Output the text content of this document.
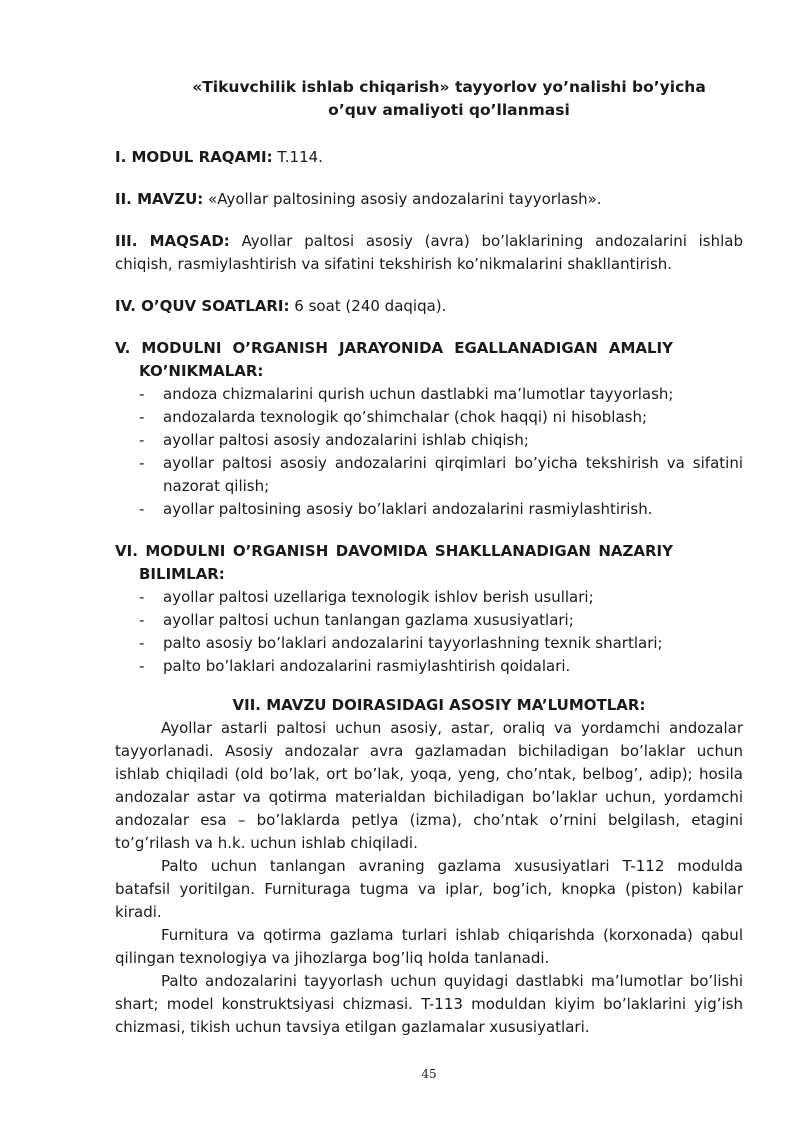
«Tikuvchilik ishlab chiqarish» tayyorlov yo’nalishi bo’yicha
o’quv amaliyoti qo’llanmasi

I. MODUL RAQAMI: T.114.

II. MAVZU: «Ayollar paltosining asosiy andozalarini tayyorlash».

III. MAQSAD: Ayollar paltosi asosiy (avra) bo’laklarining andozalarini ishlab chiqish, rasmiylashtirish va sifatini tekshirish ko’nikmalarini shakllantirish.

IV. O’QUV SOATLARI: 6 soat (240 daqiqa).

V. MODULNI O’RGANISH JARAYONIDA EGALLANADIGAN AMALIY
KO’NIKMALAR:
- andoza chizmalarini qurish uchun dastlabki ma’lumotlar tayyorlash;
- andozalarda texnologik qo’shimchalar (chok haqqi) ni hisoblash;
- ayollar paltosi asosiy andozalarini ishlab chiqish;
- ayollar paltosi asosiy andozalarini qirqimlari bo’yicha tekshirish va sifatini nazorat qilish;
- ayollar paltosining asosiy bo’laklari andozalarini rasmiylashtirish.
VI. MODULNI O’RGANISH DAVOMIDA SHAKLLANADIGAN NAZARIY
BILIMLAR:
- ayollar paltosi uzellariga texnologik ishlov berish usullari;
- ayollar paltosi uchun tanlangan gazlama xususiyatlari;
- palto asosiy bo’laklari andozalarini tayyorlashning texnik shartlari;
- palto bo’laklari andozalarini rasmiylashtirish qoidalari.
VII. MAVZU DOIRASIDAGI ASOSIY MA’LUMOTLAR:

Ayollar astarli paltosi uchun asosiy, astar, oraliq va yordamchi andozalar tayyorlanadi. Asosiy andozalar avra gazlamadan bichiladigan bo’laklar uchun ishlab chiqiladi (old bo’lak, ort bo’lak, yoqa, yeng, cho’ntak, belbog’, adip); hosila andozalar astar va qotirma materialdan bichiladigan bo’laklar uchun, yordamchi andozalar esa – bo’laklarda petlya (izma), cho’ntak o’rnini belgilash, etagini to’g’rilash va h.k. uchun ishlab chiqiladi.

Palto uchun tanlangan avraning gazlama xususiyatlari T-112 modulda batafsil yoritilgan. Furnituraga tugma va iplar, bog’ich, knopka (piston) kabilar kiradi.

Furnitura va qotirma gazlama turlari ishlab chiqarishda (korxonada) qabul qilingan texnologiya va jihozlarga bog’liq holda tanlanadi.

Palto andozalarini tayyorlash uchun quyidagi dastlabki ma’lumotlar bo’lishi shart; model konstruktsiyasi chizmasi. T-113 moduldan kiyim bo’laklarini yig’ish chizmasi, tikish uchun tavsiya etilgan gazlamalar xususiyatlari.

45
